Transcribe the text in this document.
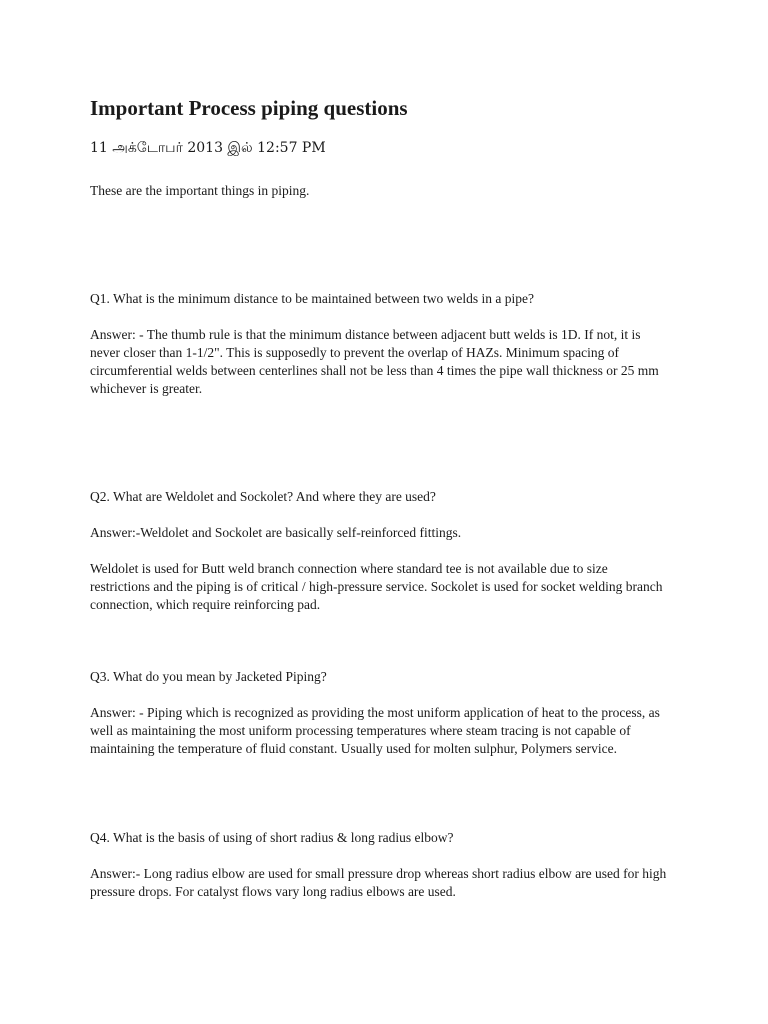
Important Process piping questions
11 அக்டோபர் 2013 இல் 12:57 PM

These are the important things in piping.

Q1. What is the minimum distance to be maintained between two welds in a pipe?

Answer: - The thumb rule is that the minimum distance between adjacent butt welds is 1D. If not, it is never closer than 1-1/2". This is supposedly to prevent the overlap of HAZs. Minimum spacing of circumferential welds between centerlines shall not be less than 4 times the pipe wall thickness or 25 mm whichever is greater.

Q2. What are Weldolet and Sockolet? And where they are used?

Answer:-Weldolet and Sockolet are basically self-reinforced fittings.

Weldolet is used for Butt weld branch connection where standard tee is not available due to size restrictions and the piping is of critical / high-pressure service. Sockolet is used for socket welding branch connection, which require reinforcing pad.

Q3. What do you mean by Jacketed Piping?

Answer: - Piping which is recognized as providing the most uniform application of heat to the process, as well as maintaining the most uniform processing temperatures where steam tracing is not capable of maintaining the temperature of fluid constant. Usually used for molten sulphur, Polymers service.

Q4. What is the basis of using of short radius & long radius elbow?

Answer:- Long radius elbow are used for small pressure drop whereas short radius elbow are used for high pressure drops. For catalyst flows vary long radius elbows are used.
